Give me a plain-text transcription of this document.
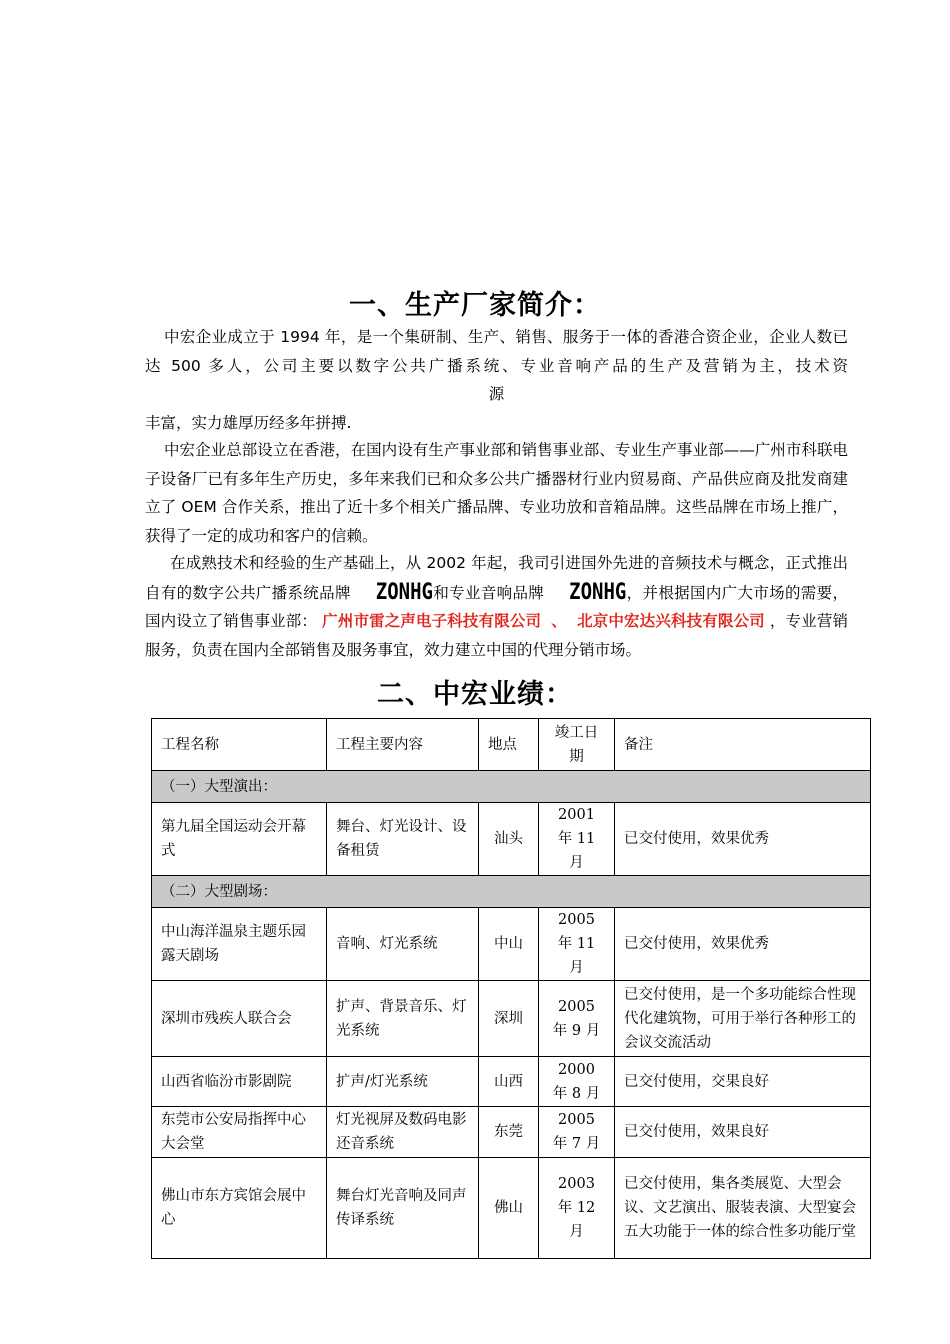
一、生产厂家简介：
中宏企业成立于 1994 年，是一个集研制、生产、销售、服务于一体的香港合资企业，企业人数已达 500 多人，公司主要以数字公共广播系统、专业音响产品的生产及营销为主，技术资
源
丰富，实力雄厚历经多年拼搏.
中宏企业总部设立在香港，在国内设有生产事业部和销售事业部、专业生产事业部——广州市科联电子设备厂已有多年生产历史，多年来我们已和众多公共广播器材行业内贸易商、产品供应商及批发商建立了 OEM 合作关系，推出了近十多个相关广播品牌、专业功放和音箱品牌。这些品牌在市场上推广，获得了一定的成功和客户的信赖。
在成熟技术和经验的生产基础上，从 2002 年起，我司引进国外先进的音频技术与概念，正式推出自有的数字公共广播系统品牌 ZONHG和专业音响品牌 ZONHG，并根据国内广大市场的需要，国内设立了销售事业部： 广州市雷之声电子科技有限公司 、 北京中宏达兴科技有限公司 ，专业营销服务，负责在国内全部销售及服务事宜，效力建立中国的代理分销市场。
二、中宏业绩：
工程名称	工程主要内容	地点	竣工日期	备注
（一）大型演出：				
第九届全国运动会开幕式	舞台、灯光设计、设备租赁	汕头	2001 年 11 月	已交付使用，效果优秀
（二）大型剧场：				
中山海洋温泉主题乐园露天剧场	音响、灯光系统	中山	2005 年 11 月	已交付使用，效果优秀
深圳市残疾人联合会	扩声、背景音乐、灯光系统	深圳	2005 年 9 月	已交付使用，是一个多功能综合性现代化建筑物，可用于举行各种形工的会议交流活动
山西省临汾市影剧院	扩声/灯光系统	山西	2000 年 8 月	已交付使用，交果良好
东莞市公安局指挥中心大会堂	灯光视屏及数码电影还音系统	东莞	2005 年 7 月	已交付使用，效果良好
佛山市东方宾馆会展中心	舞台灯光音响及同声传译系统	佛山	2003 年 12 月	已交付使用，集各类展览、大型会议、文艺演出、服装表演、大型宴会五大功能于一体的综合性多功能厅堂
